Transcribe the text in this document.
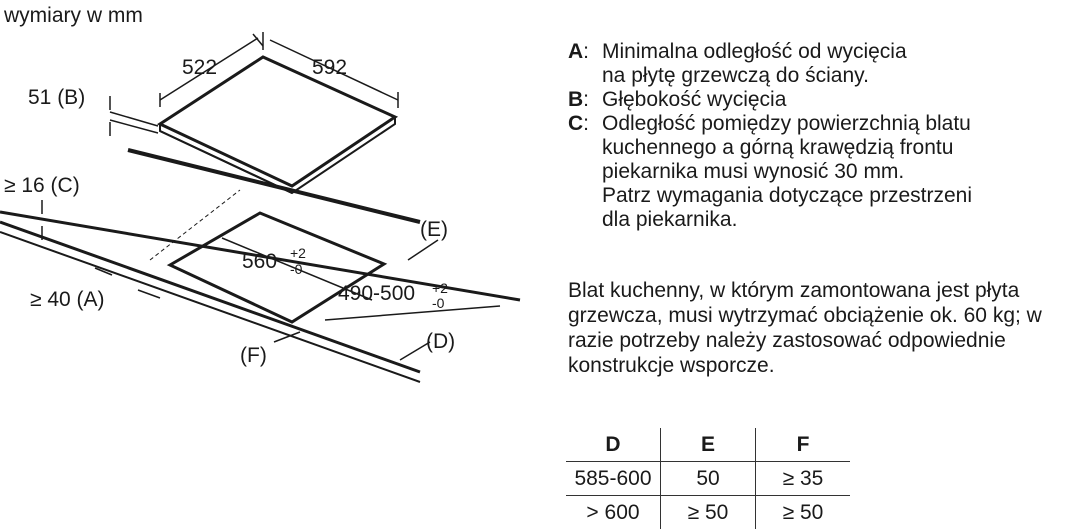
wymiary w mm
522	592
51 (B)
≥ 16 (C)
≥ 40 (A)
(E)
(D)
(F)
560 +2
-0
490-500 +2
-0
A: Minimalna odległość od wycięcia
na płytę grzewczą do ściany.
B: Głębokość wycięcia
C: Odległość pomiędzy powierzchnią blatu
kuchennego a górną krawędzią frontu
piekarnika musi wynosić 30 mm.
Patrz wymagania dotyczące przestrzeni
dla piekarnika.
Blat kuchenny, w którym zamontowana jest płyta grzewcza, musi wytrzymać obciążenie ok. 60 kg; w razie potrzeby należy zastosować odpowiednie konstrukcje wsporcze.
D	E	F
585-600	50	≥ 35
> 600	≥ 50	≥ 50
